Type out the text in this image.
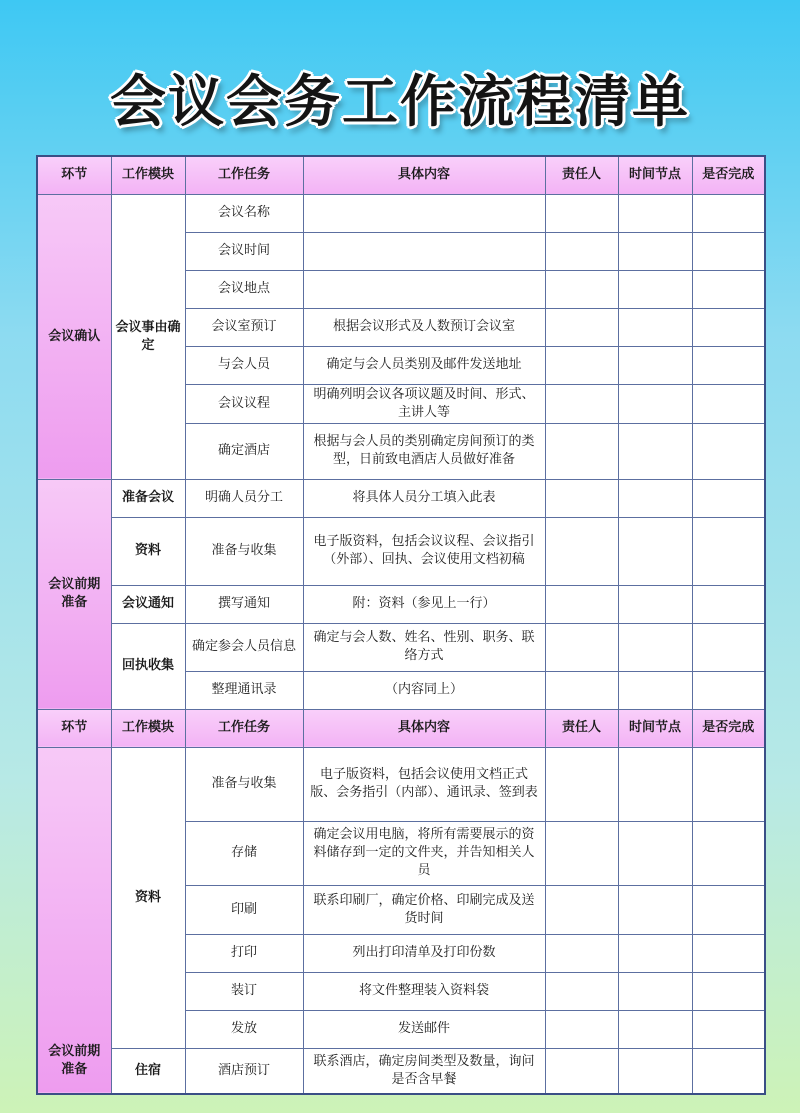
会议会务工作流程清单
环节	工作模块	工作任务	具体内容	责任人	时间节点	是否完成
会议确认	会议事由确定	会议名称				
		会议时间				
		会议地点				
		会议室预订	根据会议形式及人数预订会议室			
		与会人员	确定与会人员类别及邮件发送地址			
		会议议程	明确列明会议各项议题及时间、形式、主讲人等			
		确定酒店	根据与会人员的类别确定房间预订的类型，日前致电酒店人员做好准备			
会议前期准备	准备会议	明确人员分工	将具体人员分工填入此表			
	资料	准备与收集	电子版资料，包括会议议程、会议指引（外部）、回执、会议使用文档初稿			
	会议通知	撰写通知	附：资料（参见上一行）			
	回执收集	确定参会人员信息	确定与会人数、姓名、性别、职务、联络方式			
		整理通讯录	（内容同上）			
环节	工作模块	工作任务	具体内容	责任人	时间节点	是否完成
会议前期准备	资料	准备与收集	电子版资料，包括会议使用文档正式版、会务指引（内部）、通讯录、签到表			
		存储	确定会议用电脑，将所有需要展示的资料储存到一定的文件夹，并告知相关人员			
		印刷	联系印刷厂，确定价格、印刷完成及送货时间			
		打印	列出打印清单及打印份数			
		装订	将文件整理装入资料袋			
		发放	发送邮件			
	住宿	酒店预订	联系酒店，确定房间类型及数量，询问是否含早餐			
